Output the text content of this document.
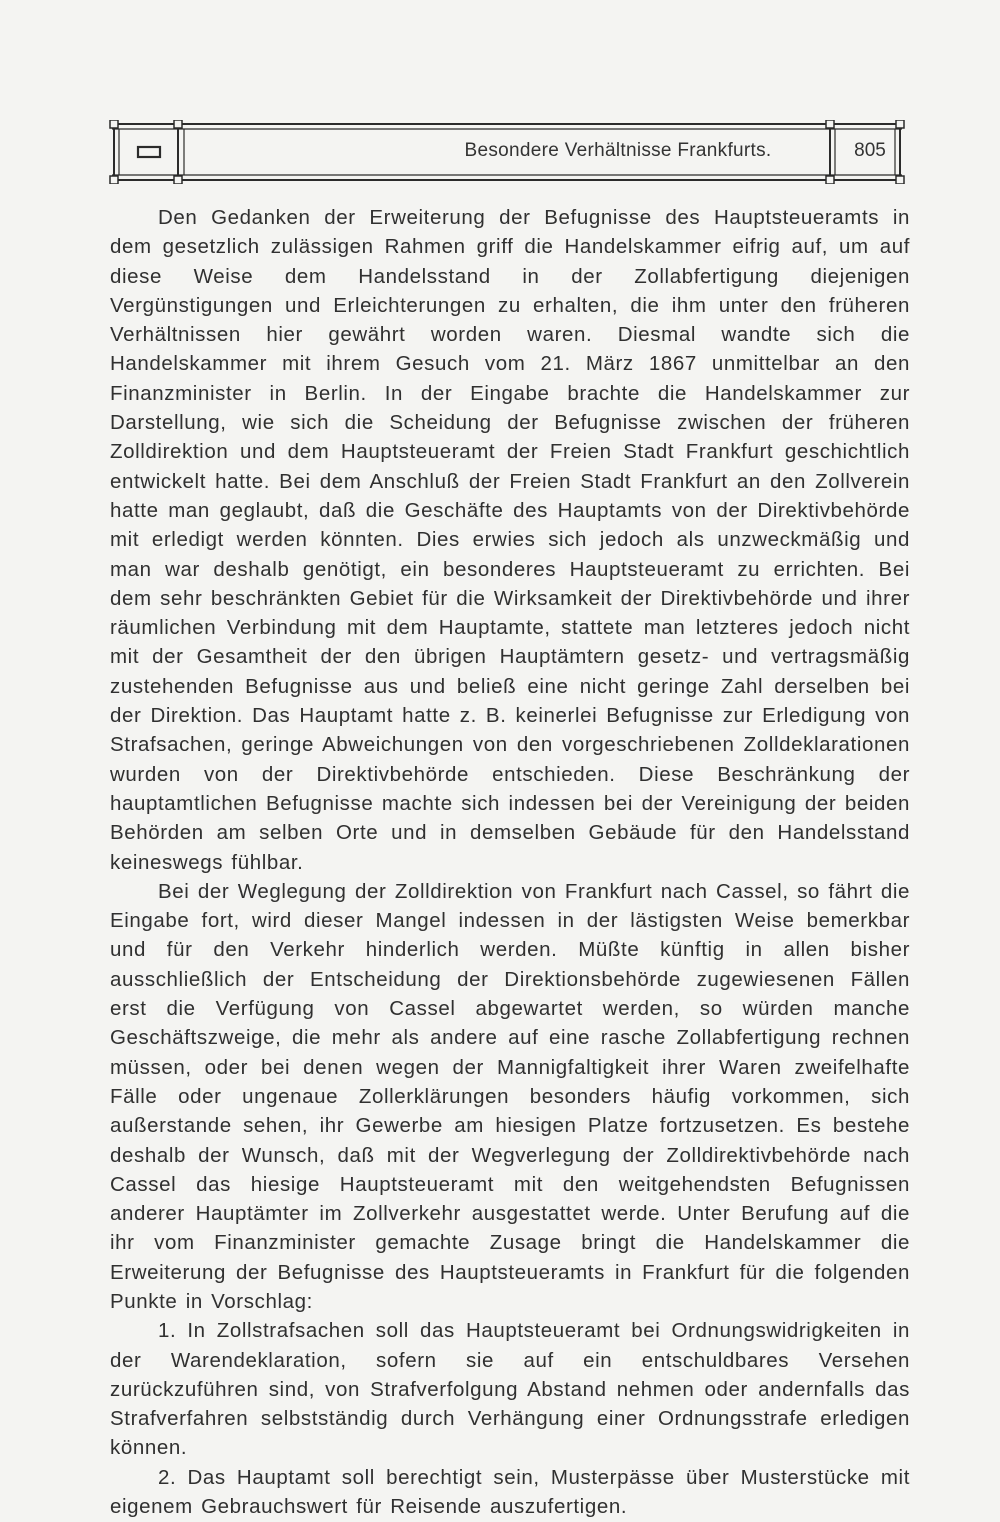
Besondere Verhältnisse Frankfurts.	805

Den Gedanken der Erweiterung der Befugnisse des Hauptsteueramts in dem gesetzlich zulässigen Rahmen griff die Handelskammer eifrig auf, um auf diese Weise dem Handelsstand in der Zollabfertigung diejenigen Vergünstigungen und Erleichterungen zu erhalten, die ihm unter den früheren Verhältnissen hier gewährt worden waren. Diesmal wandte sich die Handelskammer mit ihrem Gesuch vom 21. März 1867 unmittelbar an den Finanzminister in Berlin. In der Eingabe brachte die Handelskammer zur Darstellung, wie sich die Scheidung der Befugnisse zwischen der früheren Zolldirektion und dem Hauptsteueramt der Freien Stadt Frankfurt geschichtlich entwickelt hatte. Bei dem Anschluß der Freien Stadt Frankfurt an den Zollverein hatte man geglaubt, daß die Geschäfte des Hauptamts von der Direktivbehörde mit erledigt werden könnten. Dies erwies sich jedoch als unzweckmäßig und man war deshalb genötigt, ein besonderes Hauptsteueramt zu errichten. Bei dem sehr beschränkten Gebiet für die Wirksamkeit der Direktivbehörde und ihrer räumlichen Verbindung mit dem Hauptamte, stattete man letzteres jedoch nicht mit der Gesamtheit der den übrigen Hauptämtern gesetz- und vertragsmäßig zustehenden Befugnisse aus und beließ eine nicht geringe Zahl derselben bei der Direktion. Das Hauptamt hatte z. B. keinerlei Befugnisse zur Erledigung von Strafsachen, geringe Abweichungen von den vorgeschriebenen Zolldeklarationen wurden von der Direktivbehörde entschieden. Diese Beschränkung der hauptamtlichen Befugnisse machte sich indessen bei der Vereinigung der beiden Behörden am selben Orte und in demselben Gebäude für den Handelsstand keineswegs fühlbar.

Bei der Weglegung der Zolldirektion von Frankfurt nach Cassel, so fährt die Eingabe fort, wird dieser Mangel indessen in der lästigsten Weise bemerkbar und für den Verkehr hinderlich werden. Müßte künftig in allen bisher ausschließlich der Entscheidung der Direktionsbehörde zugewiesenen Fällen erst die Verfügung von Cassel abgewartet werden, so würden manche Geschäftszweige, die mehr als andere auf eine rasche Zollabfertigung rechnen müssen, oder bei denen wegen der Mannigfaltigkeit ihrer Waren zweifelhafte Fälle oder ungenaue Zollerklärungen besonders häufig vorkommen, sich außerstande sehen, ihr Gewerbe am hiesigen Platze fortzusetzen. Es bestehe deshalb der Wunsch, daß mit der Wegverlegung der Zolldirektivbehörde nach Cassel das hiesige Hauptsteueramt mit den weitgehendsten Befugnissen anderer Hauptämter im Zollverkehr ausgestattet werde. Unter Berufung auf die ihr vom Finanzminister gemachte Zusage bringt die Handelskammer die Erweiterung der Befugnisse des Hauptsteueramts in Frankfurt für die folgenden Punkte in Vorschlag:

1. In Zollstrafsachen soll das Hauptsteueramt bei Ordnungswidrigkeiten in der Warendeklaration, sofern sie auf ein entschuldbares Versehen zurückzuführen sind, von Strafverfolgung Abstand nehmen oder andernfalls das Strafverfahren selbstständig durch Verhängung einer Ordnungsstrafe erledigen können.

2. Das Hauptamt soll berechtigt sein, Musterpässe über Musterstücke mit eigenem Gebrauchswert für Reisende auszufertigen.
